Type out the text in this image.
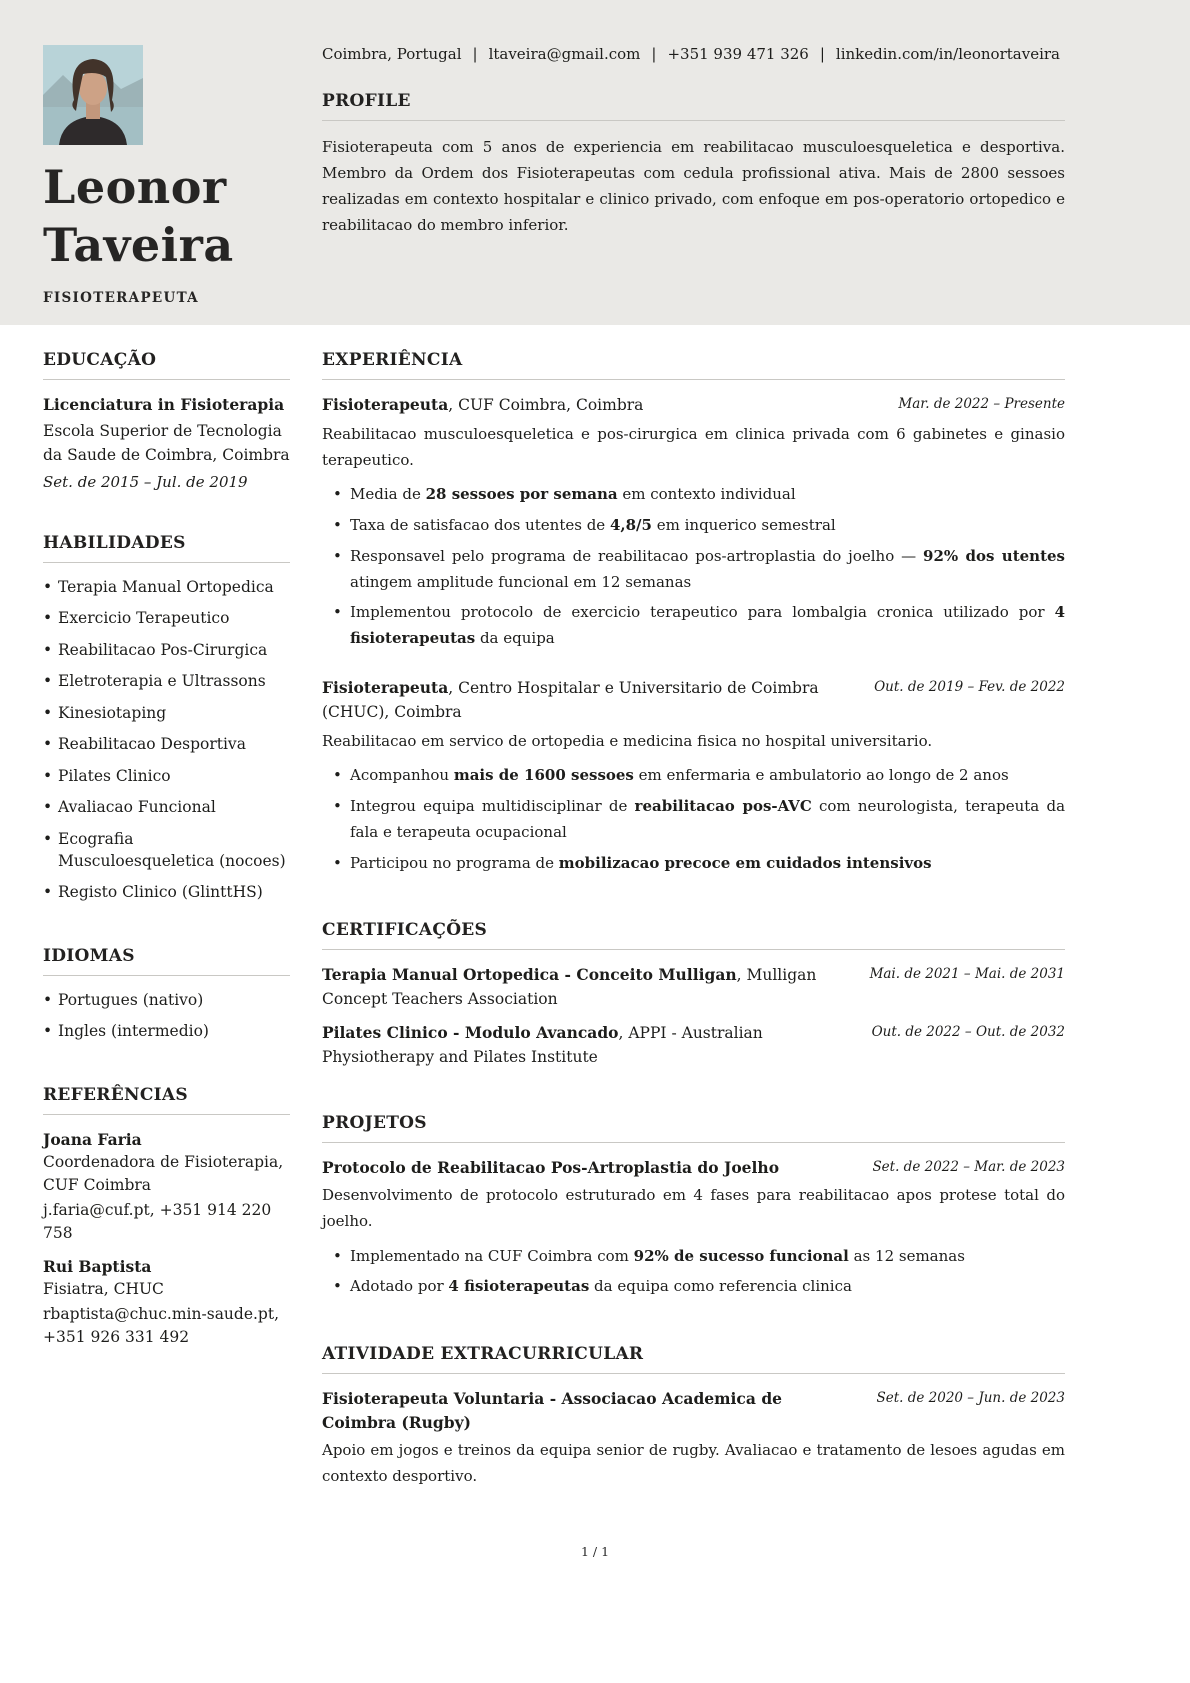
Leonor
Taveira
FISIOTERAPEUTA
Coimbra, Portugal | ltaveira@gmail.com | +351 939 471 326 | linkedin.com/in/leonortaveira
PROFILE

Fisioterapeuta com 5 anos de experiencia em reabilitacao musculoesqueletica e desportiva. Membro da Ordem dos Fisioterapeutas com cedula profissional ativa. Mais de 2800 sessoes realizadas em contexto hospitalar e clinico privado, com enfoque em pos-operatorio ortopedico e reabilitacao do membro inferior.

EDUCAÇÃO
Licenciatura in Fisioterapia
Escola Superior de Tecnologia da Saude de Coimbra, Coimbra
Set. de 2015 – Jul. de 2019
HABILIDADES
• Terapia Manual Ortopedica
• Exercicio Terapeutico
• Reabilitacao Pos-Cirurgica
• Eletroterapia e Ultrassons
• Kinesiotaping
• Reabilitacao Desportiva
• Pilates Clinico
• Avaliacao Funcional
• Ecografia Musculoesqueletica (nocoes)
• Registo Clinico (GlinttHS)
IDIOMAS
• Portugues (nativo)
• Ingles (intermedio)
REFERÊNCIAS
Joana Faria
Coordenadora de Fisioterapia, CUF Coimbra
j.faria@cuf.pt, +351 914 220 758
Rui Baptista
Fisiatra, CHUC
rbaptista@chuc.min-saude.pt, +351 926 331 492
EXPERIÊNCIA
Fisioterapeuta, CUF Coimbra, Coimbra	Mar. de 2022 – Presente

Reabilitacao musculoesqueletica e pos-cirurgica em clinica privada com 6 gabinetes e ginasio terapeutico.

• Media de 28 sessoes por semana em contexto individual
• Taxa de satisfacao dos utentes de 4,8/5 em inquerico semestral
• Responsavel pelo programa de reabilitacao pos-artroplastia do joelho — 92% dos utentes atingem amplitude funcional em 12 semanas
• Implementou protocolo de exercicio terapeutico para lombalgia cronica utilizado por 4 fisioterapeutas da equipa
Fisioterapeuta, Centro Hospitalar e Universitario de Coimbra (CHUC), Coimbra
Out. de 2019 – Fev. de 2022

Reabilitacao em servico de ortopedia e medicina fisica no hospital universitario.

• Acompanhou mais de 1600 sessoes em enfermaria e ambulatorio ao longo de 2 anos
• Integrou equipa multidisciplinar de reabilitacao pos-AVC com neurologista, terapeuta da fala e terapeuta ocupacional
• Participou no programa de mobilizacao precoce em cuidados intensivos
CERTIFICAÇÕES
Terapia Manual Ortopedica - Conceito Mulligan, Mulligan Concept Teachers Association
Mai. de 2021 – Mai. de 2031
Pilates Clinico - Modulo Avancado, APPI - Australian Physiotherapy and Pilates Institute
Out. de 2022 – Out. de 2032
PROJETOS
Protocolo de Reabilitacao Pos-Artroplastia do Joelho	Set. de 2022 – Mar. de 2023

Desenvolvimento de protocolo estruturado em 4 fases para reabilitacao apos protese total do joelho.

• Implementado na CUF Coimbra com 92% de sucesso funcional as 12 semanas
• Adotado por 4 fisioterapeutas da equipa como referencia clinica
ATIVIDADE EXTRACURRICULAR
Fisioterapeuta Voluntaria - Associacao Academica de Coimbra (Rugby)
Set. de 2020 – Jun. de 2023

Apoio em jogos e treinos da equipa senior de rugby. Avaliacao e tratamento de lesoes agudas em contexto desportivo.

1 / 1
